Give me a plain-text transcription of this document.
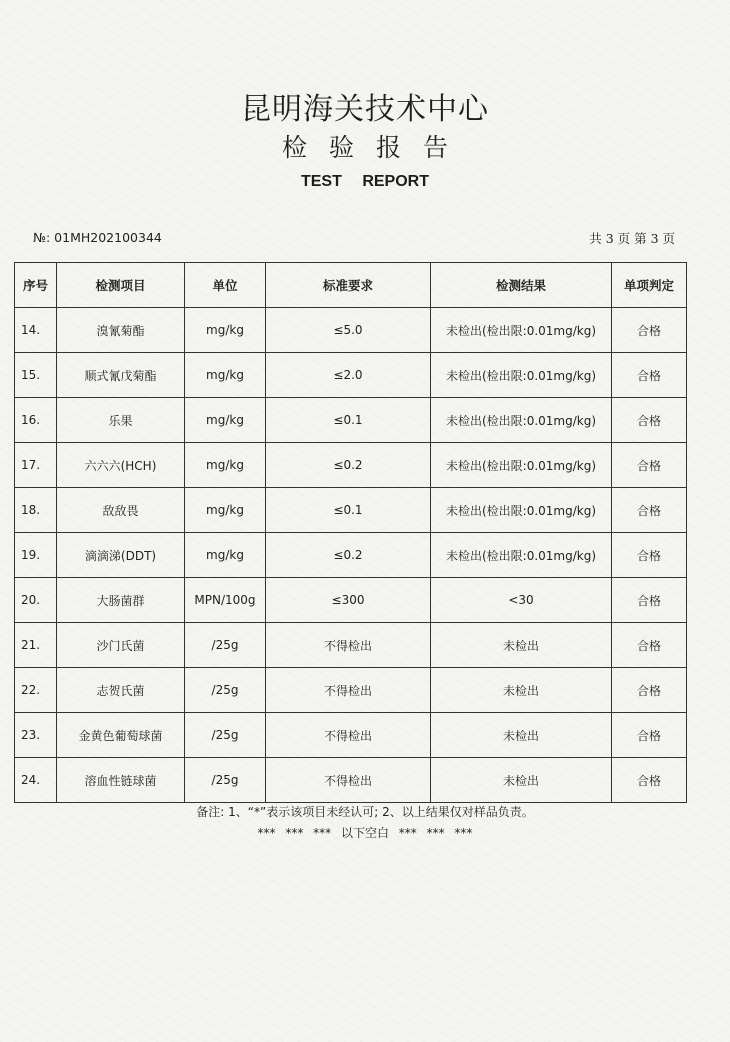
昆明海关技术中心
检验报告
TEST REPORT
№: 01MH202100344	共 3 页 第 3 页
序号	检测项目	单位	标准要求	检测结果	单项判定
14.	溴氰菊酯	mg/kg	≤5.0	未检出(检出限:0.01mg/kg)	合格
15.	顺式氰戊菊酯	mg/kg	≤2.0	未检出(检出限:0.01mg/kg)	合格
16.	乐果	mg/kg	≤0.1	未检出(检出限:0.01mg/kg)	合格
17.	六六六(HCH)	mg/kg	≤0.2	未检出(检出限:0.01mg/kg)	合格
18.	敌敌畏	mg/kg	≤0.1	未检出(检出限:0.01mg/kg)	合格
19.	滴滴涕(DDT)	mg/kg	≤0.2	未检出(检出限:0.01mg/kg)	合格
20.	大肠菌群	MPN/100g	≤300	<30	合格
21.	沙门氏菌	/25g	不得检出	未检出	合格
22.	志贺氏菌	/25g	不得检出	未检出	合格
23.	金黄色葡萄球菌	/25g	不得检出	未检出	合格
24.	溶血性链球菌	/25g	不得检出	未检出	合格
备注: 1、“*”表示该项目未经认可; 2、以上结果仅对样品负责。
*** *** *** 以下空白 *** *** ***
